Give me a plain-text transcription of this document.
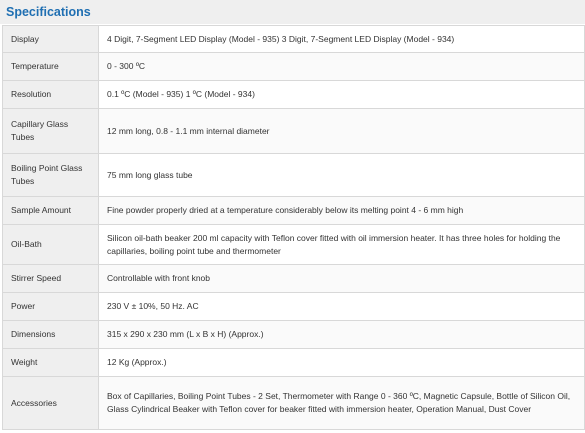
Specifications
Display	4 Digit, 7-Segment LED Display (Model - 935) 3 Digit, 7-Segment LED Display (Model - 934)
Temperature	0 - 300 ºC
Resolution	0.1 ºC (Model - 935) 1 ºC (Model - 934)
Capillary Glass Tubes	12 mm long, 0.8 - 1.1 mm internal diameter
Boiling Point Glass Tubes	75 mm long glass tube
Sample Amount	Fine powder properly dried at a temperature considerably below its melting point 4 - 6 mm high
Oil-Bath	Silicon oil-bath beaker 200 ml capacity with Teflon cover fitted with oil immersion heater. It has three holes for holding the capillaries, boiling point tube and thermometer
Stirrer Speed	Controllable with front knob
Power	230 V ± 10%, 50 Hz. AC
Dimensions	315 x 290 x 230 mm (L x B x H) (Approx.)
Weight	12 Kg (Approx.)
Accessories	Box of Capillaries, Boiling Point Tubes - 2 Set, Thermometer with Range 0 - 360 ºC, Magnetic Capsule, Bottle of Silicon Oil, Glass Cylindrical Beaker with Teflon cover for beaker fitted with immersion heater, Operation Manual, Dust Cover
